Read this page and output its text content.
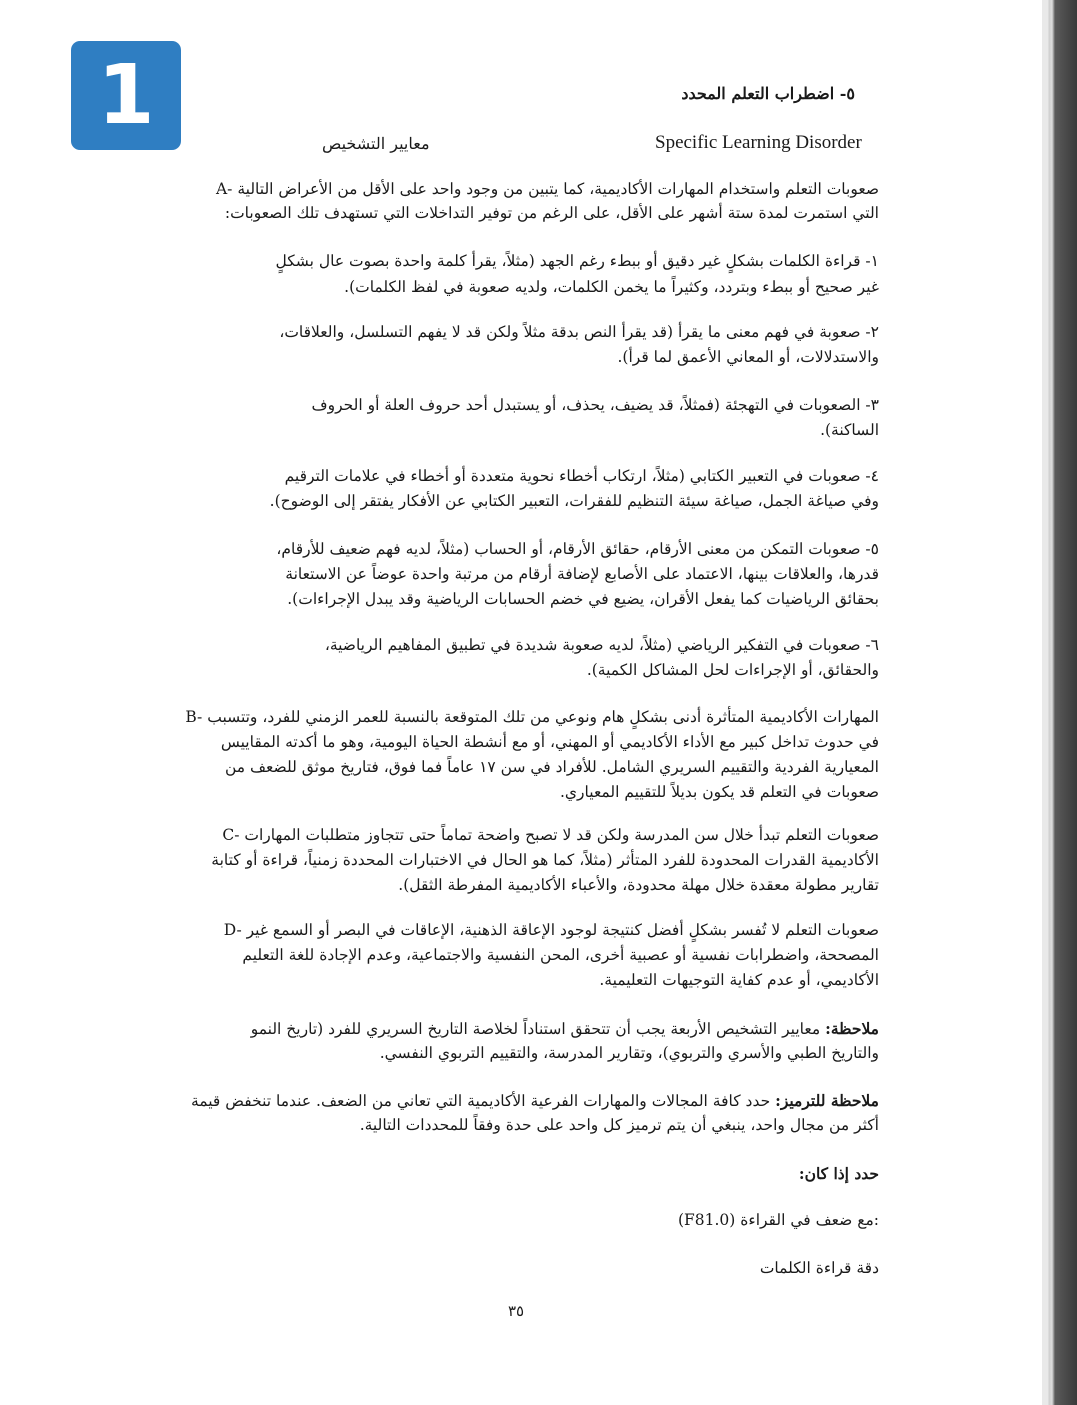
1	٥- اضطراب التعلم المحدد
Specific Learning Disorder
معايير التشخيص
A- صعوبات التعلم واستخدام المهارات الأكاديمية، كما يتبين من وجود واحد على الأقل من الأعراض التالية
التي استمرت لمدة ستة أشهر على الأقل، على الرغم من توفير التداخلات التي تستهدف تلك الصعوبات:
١- قراءة الكلمات بشكلٍ غير دقيق أو ببطء رغم الجهد (مثلاً، يقرأ كلمة واحدة بصوت عال بشكلٍ
غير صحيح أو ببطء وبتردد، وكثيراً ما يخمن الكلمات، ولديه صعوبة في لفظ الكلمات).
٢- صعوبة في فهم معنى ما يقرأ (قد يقرأ النص بدقة مثلاً ولكن قد لا يفهم التسلسل، والعلاقات،
والاستدلالات، أو المعاني الأعمق لما قرأ).
٣- الصعوبات في التهجئة (فمثلاً، قد يضيف، يحذف، أو يستبدل أحد حروف العلة أو الحروف
الساكنة).
٤- صعوبات في التعبير الكتابي (مثلاً، ارتكاب أخطاء نحوية متعددة أو أخطاء في علامات الترقيم
وفي صياغة الجمل، صياغة سيئة التنظيم للفقرات، التعبير الكتابي عن الأفكار يفتقر إلى الوضوح).
٥- صعوبات التمكن من معنى الأرقام، حقائق الأرقام، أو الحساب (مثلاً، لديه فهم ضعيف للأرقام،
قدرها، والعلاقات بينها، الاعتماد على الأصابع لإضافة أرقام من مرتبة واحدة عوضاً عن الاستعانة
بحقائق الرياضيات كما يفعل الأقران، يضيع في خضم الحسابات الرياضية وقد يبدل الإجراءات).
٦- صعوبات في التفكير الرياضي (مثلاً، لديه صعوبة شديدة في تطبيق المفاهيم الرياضية،
والحقائق، أو الإجراءات لحل المشاكل الكمية).
B- المهارات الأكاديمية المتأثرة أدنى بشكلٍ هام ونوعي من تلك المتوقعة بالنسبة للعمر الزمني للفرد، وتتسبب
في حدوث تداخل كبير مع الأداء الأكاديمي أو المهني، أو مع أنشطة الحياة اليومية، وهو ما أكدته المقاييس
المعيارية الفردية والتقييم السريري الشامل. للأفراد في سن ١٧ عاماً فما فوق، فتاريخ موثق للضعف من
صعوبات في التعلم قد يكون بديلاً للتقييم المعياري.
C- صعوبات التعلم تبدأ خلال سن المدرسة ولكن قد لا تصبح واضحة تماماً حتى تتجاوز متطلبات المهارات
الأكاديمية القدرات المحدودة للفرد المتأثر (مثلاً، كما هو الحال في الاختبارات المحددة زمنياً، قراءة أو كتابة
تقارير مطولة معقدة خلال مهلة محدودة، والأعباء الأكاديمية المفرطة الثقل).
D- صعوبات التعلم لا تُفسر بشكلٍ أفضل كنتيجة لوجود الإعاقة الذهنية، الإعاقات في البصر أو السمع غير
المصححة، واضطرابات نفسية أو عصبية أخرى، المحن النفسية والاجتماعية، وعدم الإجادة للغة التعليم
الأكاديمي، أو عدم كفاية التوجيهات التعليمية.
ملاحظة: معايير التشخيص الأربعة يجب أن تتحقق استناداً لخلاصة التاريخ السريري للفرد (تاريخ النمو
والتاريخ الطبي والأسري والتربوي)، وتقارير المدرسة، والتقييم التربوي النفسي.
ملاحظة للترميز: حدد كافة المجالات والمهارات الفرعية الأكاديمية التي تعاني من الضعف. عندما تنخفض قيمة
أكثر من مجال واحد، ينبغي أن يتم ترميز كل واحد على حدة وفقاً للمحددات التالية.
حدد إذا كان:
(F81.0) مع ضعف في القراءة:
دقة قراءة الكلمات
٣٥
